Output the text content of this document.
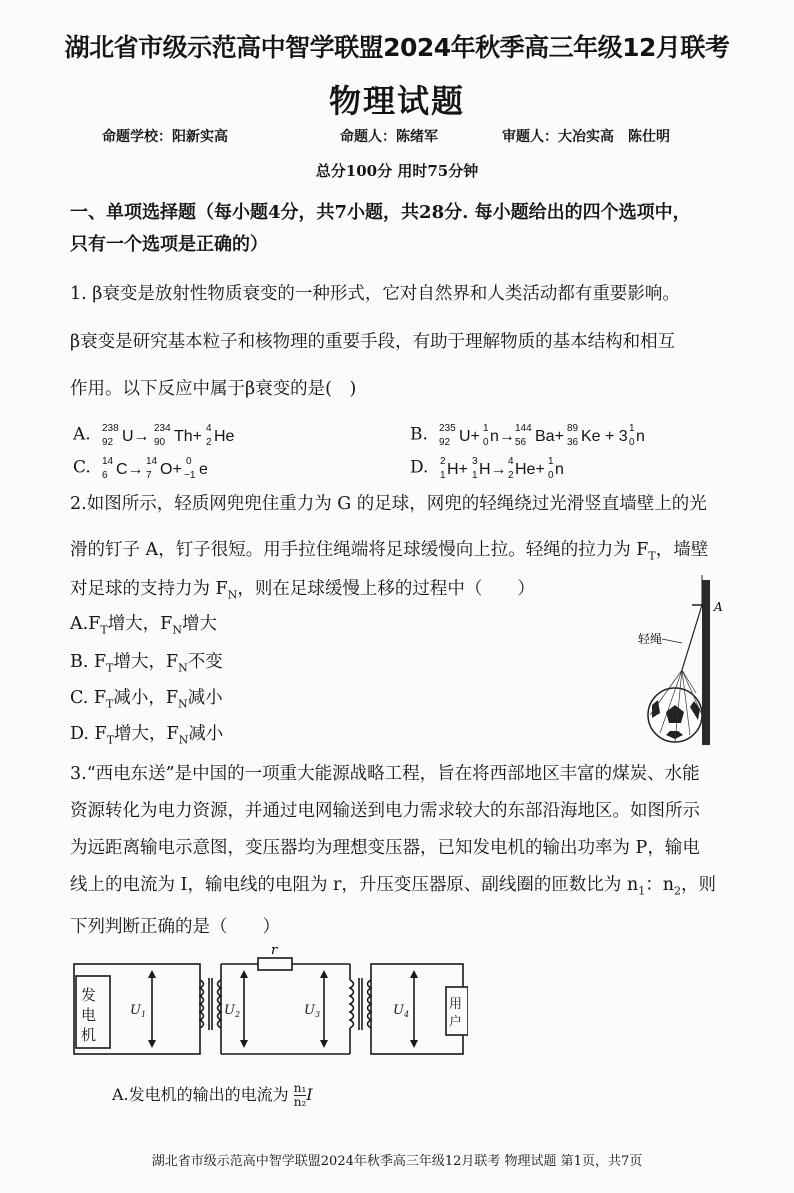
湖北省市级示范高中智学联盟2024年秋季高三年级12月联考
物理试题
命题学校：阳新实高	命题人：陈绪军	审题人：大冶实高　陈仕明
总分100分 用时75分钟
一、单项选择题（每小题4分，共7小题，共28分. 每小题给出的四个选项中，
只有一个选项是正确的）
1. β衰变是放射性物质衰变的一种形式，它对自然界和人类活动都有重要影响。
β衰变是研究基本粒子和核物理的重要手段，有助于理解物质的基本结构和相互
作用。以下反应中属于β衰变的是(　)
A. 238
92 U→ 234
90 Th+ 4
2 He	B. 235
92 U+ 1
0 n→ 144
56 Ba+ 89
36 Ke + 3 1
0 n
C. 14
6 C→ 14
7 O+ 0
−1 e	D. 2
1 H+ 3
1 H→ 4
2 He+ 1
0 n
2.如图所示，轻质网兜兜住重力为 G 的足球，网兜的轻绳绕过光滑竖直墙壁上的光
滑的钉子 A，钉子很短。用手拉住绳端将足球缓慢向上拉。轻绳的拉力为 $F_T$，墙壁
对足球的支持力为 $F_N$，则在足球缓慢上移的过程中（　　）
$A.F_T$增大，$F_N$增大
B. $F_T$增大，$F_N$不变
C. $F_T$减小，$F_N$减小
D. $F_T$增大，$F_N$减小
A
轻绳
3.“西电东送”是中国的一项重大能源战略工程，旨在将西部地区丰富的煤炭、水能
资源转化为电力资源，并通过电网输送到电力需求较大的东部沿海地区。如图所示
为远距离输电示意图，变压器均为理想变压器，已知发电机的输出功率为 P，输电
线上的电流为 I，输电线的电阻为 r，升压变压器原、副线圈的匝数比为 $n_1$：$n_2$，则
下列判断正确的是（　　）
发
电
机
用
户
r
$U_1$	$U_2$	$U_3$	$U_4$
A.发电机的输出的电流为 $\frac{\text{n₁}}{\text{n₂}}$ I
湖北省市级示范高中智学联盟2024年秋季高三年级12月联考 物理试题 第1页，共7页
